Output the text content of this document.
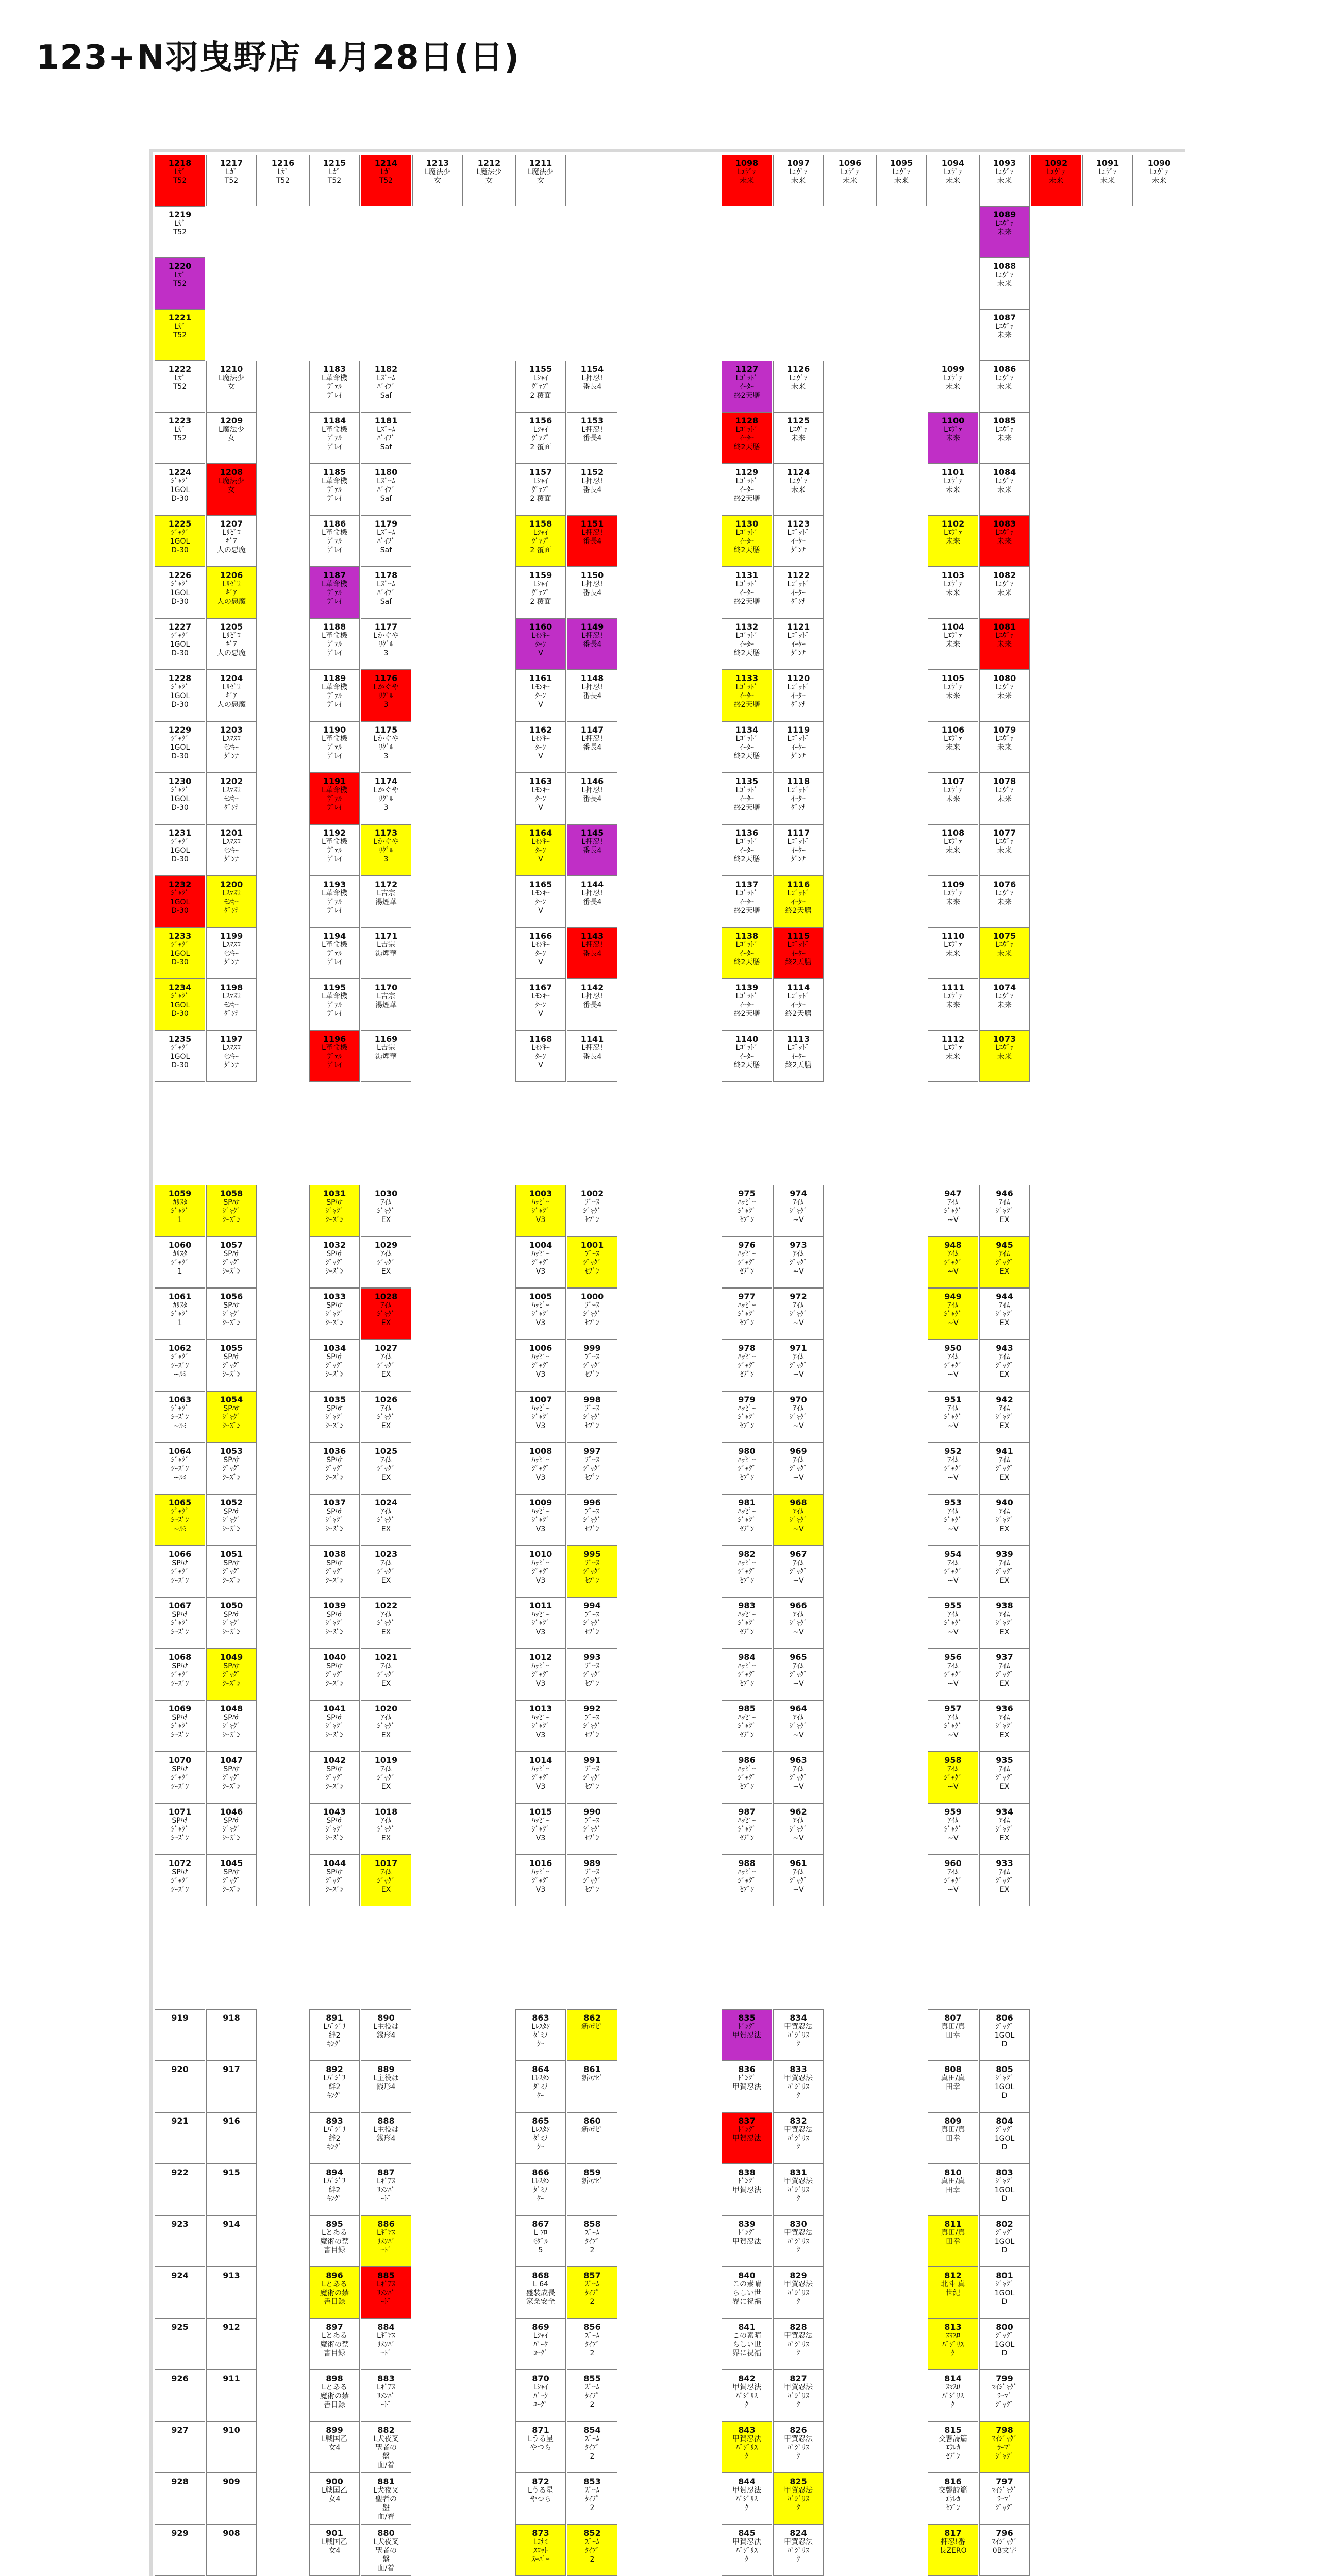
123+N羽曳野店 4月28日(日)
1218
Lｶﾞ
T52
1217
Lｶﾞ
T52
1216
Lｶﾞ
T52
1215
Lｶﾞ
T52
1214
Lｶﾞ
T52
1213
L魔法少
女
1212
L魔法少
女
1211
L魔法少
女
1098
Lｴｳﾞｧ
未来
1097
Lｴｳﾞｧ
未来
1096
Lｴｳﾞｧ
未来
1095
Lｴｳﾞｧ
未来
1094
Lｴｳﾞｧ
未来
1093
Lｴｳﾞｧ
未来
1092
Lｴｳﾞｧ
未来
1091
Lｴｳﾞｧ
未来
1090
Lｴｳﾞｧ
未来
1219
Lｶﾞ
T52
1220
Lｶﾞ
T52
1221
Lｶﾞ
T52
1222
Lｶﾞ
T52
1223
Lｶﾞ
T52
1224
ｼﾞｬｸﾞ
1GOL
D-30
1225
ｼﾞｬｸﾞ
1GOL
D-30
1226
ｼﾞｬｸﾞ
1GOL
D-30
1227
ｼﾞｬｸﾞ
1GOL
D-30
1228
ｼﾞｬｸﾞ
1GOL
D-30
1229
ｼﾞｬｸﾞ
1GOL
D-30
1230
ｼﾞｬｸﾞ
1GOL
D-30
1231
ｼﾞｬｸﾞ
1GOL
D-30
1232
ｼﾞｬｸﾞ
1GOL
D-30
1233
ｼﾞｬｸﾞ
1GOL
D-30
1234
ｼﾞｬｸﾞ
1GOL
D-30
1235
ｼﾞｬｸﾞ
1GOL
D-30
1210
L魔法少
女
1209
L魔法少
女
1208
L魔法少
女
1207
Lﾘｾﾞﾛ
ｷﾞｱ
人の悪魔
1206
Lﾘｾﾞﾛ
ｷﾞｱ
人の悪魔
1205
Lﾘｾﾞﾛ
ｷﾞｱ
人の悪魔
1204
Lﾘｾﾞﾛ
ｷﾞｱ
人の悪魔
1203
Lｽﾏｽﾛ
ﾓﾝｷｰ
ﾀﾞﾝﾅ
1202
Lｽﾏｽﾛ
ﾓﾝｷｰ
ﾀﾞﾝﾅ
1201
Lｽﾏｽﾛ
ﾓﾝｷｰ
ﾀﾞﾝﾅ
1200
Lｽﾏｽﾛ
ﾓﾝｷｰ
ﾀﾞﾝﾅ
1199
Lｽﾏｽﾛ
ﾓﾝｷｰ
ﾀﾞﾝﾅ
1198
Lｽﾏｽﾛ
ﾓﾝｷｰ
ﾀﾞﾝﾅ
1197
Lｽﾏｽﾛ
ﾓﾝｷｰ
ﾀﾞﾝﾅ
1183
L革命機
ｳﾞｧﾙ
ｳﾞﾚｲ
1184
L革命機
ｳﾞｧﾙ
ｳﾞﾚｲ
1185
L革命機
ｳﾞｧﾙ
ｳﾞﾚｲ
1186
L革命機
ｳﾞｧﾙ
ｳﾞﾚｲ
1187
L革命機
ｳﾞｧﾙ
ｳﾞﾚｲ
1188
L革命機
ｳﾞｧﾙ
ｳﾞﾚｲ
1189
L革命機
ｳﾞｧﾙ
ｳﾞﾚｲ
1190
L革命機
ｳﾞｧﾙ
ｳﾞﾚｲ
1191
L革命機
ｳﾞｧﾙ
ｳﾞﾚｲ
1192
L革命機
ｳﾞｧﾙ
ｳﾞﾚｲ
1193
L革命機
ｳﾞｧﾙ
ｳﾞﾚｲ
1194
L革命機
ｳﾞｧﾙ
ｳﾞﾚｲ
1195
L革命機
ｳﾞｧﾙ
ｳﾞﾚｲ
1196
L革命機
ｳﾞｧﾙ
ｳﾞﾚｲ
1182
Lｽﾞｰﾑ
ﾊﾞｲﾌﾞ
Saf
1181
Lｽﾞｰﾑ
ﾊﾞｲﾌﾞ
Saf
1180
Lｽﾞｰﾑ
ﾊﾞｲﾌﾞ
Saf
1179
Lｽﾞｰﾑ
ﾊﾞｲﾌﾞ
Saf
1178
Lｽﾞｰﾑ
ﾊﾞｲﾌﾞ
Saf
1177
Lかぐや
ﾘｸﾞﾙ
3
1176
Lかぐや
ﾘｸﾞﾙ
3
1175
Lかぐや
ﾘｸﾞﾙ
3
1174
Lかぐや
ﾘｸﾞﾙ
3
1173
Lかぐや
ﾘｸﾞﾙ
3
1172
L吉宗
湯煙華
1171
L吉宗
湯煙華
1170
L吉宗
湯煙華
1169
L吉宗
湯煙華
1155
Lｼｬｲ
ｳﾞｧﾌﾟ
2 覆面
1156
Lｼｬｲ
ｳﾞｧﾌﾟ
2 覆面
1157
Lｼｬｲ
ｳﾞｧﾌﾟ
2 覆面
1158
Lｼｬｲ
ｳﾞｧﾌﾟ
2 覆面
1159
Lｼｬｲ
ｳﾞｧﾌﾟ
2 覆面
1160
Lﾓﾝｷｰ
ﾀｰﾝ
V
1161
Lﾓﾝｷｰ
ﾀｰﾝ
V
1162
Lﾓﾝｷｰ
ﾀｰﾝ
V
1163
Lﾓﾝｷｰ
ﾀｰﾝ
V
1164
Lﾓﾝｷｰ
ﾀｰﾝ
V
1165
Lﾓﾝｷｰ
ﾀｰﾝ
V
1166
Lﾓﾝｷｰ
ﾀｰﾝ
V
1167
Lﾓﾝｷｰ
ﾀｰﾝ
V
1168
Lﾓﾝｷｰ
ﾀｰﾝ
V
1154
L押忍!
番長4
1153
L押忍!
番長4
1152
L押忍!
番長4
1151
L押忍!
番長4
1150
L押忍!
番長4
1149
L押忍!
番長4
1148
L押忍!
番長4
1147
L押忍!
番長4
1146
L押忍!
番長4
1145
L押忍!
番長4
1144
L押忍!
番長4
1143
L押忍!
番長4
1142
L押忍!
番長4
1141
L押忍!
番長4
1127
Lｺﾞｯﾄﾞ
ｲｰﾀｰ
終2天膳
1128
Lｺﾞｯﾄﾞ
ｲｰﾀｰ
終2天膳
1129
Lｺﾞｯﾄﾞ
ｲｰﾀｰ
終2天膳
1130
Lｺﾞｯﾄﾞ
ｲｰﾀｰ
終2天膳
1131
Lｺﾞｯﾄﾞ
ｲｰﾀｰ
終2天膳
1132
Lｺﾞｯﾄﾞ
ｲｰﾀｰ
終2天膳
1133
Lｺﾞｯﾄﾞ
ｲｰﾀｰ
終2天膳
1134
Lｺﾞｯﾄﾞ
ｲｰﾀｰ
終2天膳
1135
Lｺﾞｯﾄﾞ
ｲｰﾀｰ
終2天膳
1136
Lｺﾞｯﾄﾞ
ｲｰﾀｰ
終2天膳
1137
Lｺﾞｯﾄﾞ
ｲｰﾀｰ
終2天膳
1138
Lｺﾞｯﾄﾞ
ｲｰﾀｰ
終2天膳
1139
Lｺﾞｯﾄﾞ
ｲｰﾀｰ
終2天膳
1140
Lｺﾞｯﾄﾞ
ｲｰﾀｰ
終2天膳
1126
Lｴｳﾞｧ
未来
1125
Lｴｳﾞｧ
未来
1124
Lｴｳﾞｧ
未来
1123
Lｺﾞｯﾄﾞ
ｲｰﾀｰ
ﾀﾞﾝﾅ
1122
Lｺﾞｯﾄﾞ
ｲｰﾀｰ
ﾀﾞﾝﾅ
1121
Lｺﾞｯﾄﾞ
ｲｰﾀｰ
ﾀﾞﾝﾅ
1120
Lｺﾞｯﾄﾞ
ｲｰﾀｰ
ﾀﾞﾝﾅ
1119
Lｺﾞｯﾄﾞ
ｲｰﾀｰ
ﾀﾞﾝﾅ
1118
Lｺﾞｯﾄﾞ
ｲｰﾀｰ
ﾀﾞﾝﾅ
1117
Lｺﾞｯﾄﾞ
ｲｰﾀｰ
ﾀﾞﾝﾅ
1116
Lｺﾞｯﾄﾞ
ｲｰﾀｰ
終2天膳
1115
Lｺﾞｯﾄﾞ
ｲｰﾀｰ
終2天膳
1114
Lｺﾞｯﾄﾞ
ｲｰﾀｰ
終2天膳
1113
Lｺﾞｯﾄﾞ
ｲｰﾀｰ
終2天膳
1099
Lｴｳﾞｧ
未来
1100
Lｴｳﾞｧ
未来
1101
Lｴｳﾞｧ
未来
1102
Lｴｳﾞｧ
未来
1103
Lｴｳﾞｧ
未来
1104
Lｴｳﾞｧ
未来
1105
Lｴｳﾞｧ
未来
1106
Lｴｳﾞｧ
未来
1107
Lｴｳﾞｧ
未来
1108
Lｴｳﾞｧ
未来
1109
Lｴｳﾞｧ
未来
1110
Lｴｳﾞｧ
未来
1111
Lｴｳﾞｧ
未来
1112
Lｴｳﾞｧ
未来
1089
Lｴｳﾞｧ
未来
1088
Lｴｳﾞｧ
未来
1087
Lｴｳﾞｧ
未来
1086
Lｴｳﾞｧ
未来
1085
Lｴｳﾞｧ
未来
1084
Lｴｳﾞｧ
未来
1083
Lｴｳﾞｧ
未来
1082
Lｴｳﾞｧ
未来
1081
Lｴｳﾞｧ
未来
1080
Lｴｳﾞｧ
未来
1079
Lｴｳﾞｧ
未来
1078
Lｴｳﾞｧ
未来
1077
Lｴｳﾞｧ
未来
1076
Lｴｳﾞｧ
未来
1075
Lｴｳﾞｧ
未来
1074
Lｴｳﾞｧ
未来
1073
Lｴｳﾞｧ
未来
1059
ｶﾘｽﾀ
ｼﾞｬｸﾞ
1
1060
ｶﾘｽﾀ
ｼﾞｬｸﾞ
1
1061
ｶﾘｽﾀ
ｼﾞｬｸﾞ
1
1062
ｼﾞｬｸﾞ
ｼｰｽﾞﾝ
~ﾙﾐ
1063
ｼﾞｬｸﾞ
ｼｰｽﾞﾝ
~ﾙﾐ
1064
ｼﾞｬｸﾞ
ｼｰｽﾞﾝ
~ﾙﾐ
1065
ｼﾞｬｸﾞ
ｼｰｽﾞﾝ
~ﾙﾐ
1066
SPﾊﾅ
ｼﾞｬｸﾞ
ｼｰｽﾞﾝ
1067
SPﾊﾅ
ｼﾞｬｸﾞ
ｼｰｽﾞﾝ
1068
SPﾊﾅ
ｼﾞｬｸﾞ
ｼｰｽﾞﾝ
1069
SPﾊﾅ
ｼﾞｬｸﾞ
ｼｰｽﾞﾝ
1070
SPﾊﾅ
ｼﾞｬｸﾞ
ｼｰｽﾞﾝ
1071
SPﾊﾅ
ｼﾞｬｸﾞ
ｼｰｽﾞﾝ
1072
SPﾊﾅ
ｼﾞｬｸﾞ
ｼｰｽﾞﾝ
1058
SPﾊﾅ
ｼﾞｬｸﾞ
ｼｰｽﾞﾝ
1057
SPﾊﾅ
ｼﾞｬｸﾞ
ｼｰｽﾞﾝ
1056
SPﾊﾅ
ｼﾞｬｸﾞ
ｼｰｽﾞﾝ
1055
SPﾊﾅ
ｼﾞｬｸﾞ
ｼｰｽﾞﾝ
1054
SPﾊﾅ
ｼﾞｬｸﾞ
ｼｰｽﾞﾝ
1053
SPﾊﾅ
ｼﾞｬｸﾞ
ｼｰｽﾞﾝ
1052
SPﾊﾅ
ｼﾞｬｸﾞ
ｼｰｽﾞﾝ
1051
SPﾊﾅ
ｼﾞｬｸﾞ
ｼｰｽﾞﾝ
1050
SPﾊﾅ
ｼﾞｬｸﾞ
ｼｰｽﾞﾝ
1049
SPﾊﾅ
ｼﾞｬｸﾞ
ｼｰｽﾞﾝ
1048
SPﾊﾅ
ｼﾞｬｸﾞ
ｼｰｽﾞﾝ
1047
SPﾊﾅ
ｼﾞｬｸﾞ
ｼｰｽﾞﾝ
1046
SPﾊﾅ
ｼﾞｬｸﾞ
ｼｰｽﾞﾝ
1045
SPﾊﾅ
ｼﾞｬｸﾞ
ｼｰｽﾞﾝ
1031
SPﾊﾅ
ｼﾞｬｸﾞ
ｼｰｽﾞﾝ
1032
SPﾊﾅ
ｼﾞｬｸﾞ
ｼｰｽﾞﾝ
1033
SPﾊﾅ
ｼﾞｬｸﾞ
ｼｰｽﾞﾝ
1034
SPﾊﾅ
ｼﾞｬｸﾞ
ｼｰｽﾞﾝ
1035
SPﾊﾅ
ｼﾞｬｸﾞ
ｼｰｽﾞﾝ
1036
SPﾊﾅ
ｼﾞｬｸﾞ
ｼｰｽﾞﾝ
1037
SPﾊﾅ
ｼﾞｬｸﾞ
ｼｰｽﾞﾝ
1038
SPﾊﾅ
ｼﾞｬｸﾞ
ｼｰｽﾞﾝ
1039
SPﾊﾅ
ｼﾞｬｸﾞ
ｼｰｽﾞﾝ
1040
SPﾊﾅ
ｼﾞｬｸﾞ
ｼｰｽﾞﾝ
1041
SPﾊﾅ
ｼﾞｬｸﾞ
ｼｰｽﾞﾝ
1042
SPﾊﾅ
ｼﾞｬｸﾞ
ｼｰｽﾞﾝ
1043
SPﾊﾅ
ｼﾞｬｸﾞ
ｼｰｽﾞﾝ
1044
SPﾊﾅ
ｼﾞｬｸﾞ
ｼｰｽﾞﾝ
1030
ｱｲﾑ
ｼﾞｬｸﾞ
EX
1029
ｱｲﾑ
ｼﾞｬｸﾞ
EX
1028
ｱｲﾑ
ｼﾞｬｸﾞ
EX
1027
ｱｲﾑ
ｼﾞｬｸﾞ
EX
1026
ｱｲﾑ
ｼﾞｬｸﾞ
EX
1025
ｱｲﾑ
ｼﾞｬｸﾞ
EX
1024
ｱｲﾑ
ｼﾞｬｸﾞ
EX
1023
ｱｲﾑ
ｼﾞｬｸﾞ
EX
1022
ｱｲﾑ
ｼﾞｬｸﾞ
EX
1021
ｱｲﾑ
ｼﾞｬｸﾞ
EX
1020
ｱｲﾑ
ｼﾞｬｸﾞ
EX
1019
ｱｲﾑ
ｼﾞｬｸﾞ
EX
1018
ｱｲﾑ
ｼﾞｬｸﾞ
EX
1017
ｱｲﾑ
ｼﾞｬｸﾞ
EX
1003
ﾊｯﾋﾟｰ
ｼﾞｬｸﾞ
V3
1004
ﾊｯﾋﾟｰ
ｼﾞｬｸﾞ
V3
1005
ﾊｯﾋﾟｰ
ｼﾞｬｸﾞ
V3
1006
ﾊｯﾋﾟｰ
ｼﾞｬｸﾞ
V3
1007
ﾊｯﾋﾟｰ
ｼﾞｬｸﾞ
V3
1008
ﾊｯﾋﾟｰ
ｼﾞｬｸﾞ
V3
1009
ﾊｯﾋﾟｰ
ｼﾞｬｸﾞ
V3
1010
ﾊｯﾋﾟｰ
ｼﾞｬｸﾞ
V3
1011
ﾊｯﾋﾟｰ
ｼﾞｬｸﾞ
V3
1012
ﾊｯﾋﾟｰ
ｼﾞｬｸﾞ
V3
1013
ﾊｯﾋﾟｰ
ｼﾞｬｸﾞ
V3
1014
ﾊｯﾋﾟｰ
ｼﾞｬｸﾞ
V3
1015
ﾊｯﾋﾟｰ
ｼﾞｬｸﾞ
V3
1016
ﾊｯﾋﾟｰ
ｼﾞｬｸﾞ
V3
1002
ﾌﾞｰｽ
ｼﾞｬｸﾞ
ｾﾌﾞﾝ
1001
ﾌﾞｰｽ
ｼﾞｬｸﾞ
ｾﾌﾞﾝ
1000
ﾌﾞｰｽ
ｼﾞｬｸﾞ
ｾﾌﾞﾝ
999
ﾌﾞｰｽ
ｼﾞｬｸﾞ
ｾﾌﾞﾝ
998
ﾌﾞｰｽ
ｼﾞｬｸﾞ
ｾﾌﾞﾝ
997
ﾌﾞｰｽ
ｼﾞｬｸﾞ
ｾﾌﾞﾝ
996
ﾌﾞｰｽ
ｼﾞｬｸﾞ
ｾﾌﾞﾝ
995
ﾌﾞｰｽ
ｼﾞｬｸﾞ
ｾﾌﾞﾝ
994
ﾌﾞｰｽ
ｼﾞｬｸﾞ
ｾﾌﾞﾝ
993
ﾌﾞｰｽ
ｼﾞｬｸﾞ
ｾﾌﾞﾝ
992
ﾌﾞｰｽ
ｼﾞｬｸﾞ
ｾﾌﾞﾝ
991
ﾌﾞｰｽ
ｼﾞｬｸﾞ
ｾﾌﾞﾝ
990
ﾌﾞｰｽ
ｼﾞｬｸﾞ
ｾﾌﾞﾝ
989
ﾌﾞｰｽ
ｼﾞｬｸﾞ
ｾﾌﾞﾝ
975
ﾊｯﾋﾟｰ
ｼﾞｬｸﾞ
ｾﾌﾞﾝ
976
ﾊｯﾋﾟｰ
ｼﾞｬｸﾞ
ｾﾌﾞﾝ
977
ﾊｯﾋﾟｰ
ｼﾞｬｸﾞ
ｾﾌﾞﾝ
978
ﾊｯﾋﾟｰ
ｼﾞｬｸﾞ
ｾﾌﾞﾝ
979
ﾊｯﾋﾟｰ
ｼﾞｬｸﾞ
ｾﾌﾞﾝ
980
ﾊｯﾋﾟｰ
ｼﾞｬｸﾞ
ｾﾌﾞﾝ
981
ﾊｯﾋﾟｰ
ｼﾞｬｸﾞ
ｾﾌﾞﾝ
982
ﾊｯﾋﾟｰ
ｼﾞｬｸﾞ
ｾﾌﾞﾝ
983
ﾊｯﾋﾟｰ
ｼﾞｬｸﾞ
ｾﾌﾞﾝ
984
ﾊｯﾋﾟｰ
ｼﾞｬｸﾞ
ｾﾌﾞﾝ
985
ﾊｯﾋﾟｰ
ｼﾞｬｸﾞ
ｾﾌﾞﾝ
986
ﾊｯﾋﾟｰ
ｼﾞｬｸﾞ
ｾﾌﾞﾝ
987
ﾊｯﾋﾟｰ
ｼﾞｬｸﾞ
ｾﾌﾞﾝ
988
ﾊｯﾋﾟｰ
ｼﾞｬｸﾞ
ｾﾌﾞﾝ
974
ｱｲﾑ
ｼﾞｬｸﾞ
~V
973
ｱｲﾑ
ｼﾞｬｸﾞ
~V
972
ｱｲﾑ
ｼﾞｬｸﾞ
~V
971
ｱｲﾑ
ｼﾞｬｸﾞ
~V
970
ｱｲﾑ
ｼﾞｬｸﾞ
~V
969
ｱｲﾑ
ｼﾞｬｸﾞ
~V
968
ｱｲﾑ
ｼﾞｬｸﾞ
~V
967
ｱｲﾑ
ｼﾞｬｸﾞ
~V
966
ｱｲﾑ
ｼﾞｬｸﾞ
~V
965
ｱｲﾑ
ｼﾞｬｸﾞ
~V
964
ｱｲﾑ
ｼﾞｬｸﾞ
~V
963
ｱｲﾑ
ｼﾞｬｸﾞ
~V
962
ｱｲﾑ
ｼﾞｬｸﾞ
~V
961
ｱｲﾑ
ｼﾞｬｸﾞ
~V
947
ｱｲﾑ
ｼﾞｬｸﾞ
~V
948
ｱｲﾑ
ｼﾞｬｸﾞ
~V
949
ｱｲﾑ
ｼﾞｬｸﾞ
~V
950
ｱｲﾑ
ｼﾞｬｸﾞ
~V
951
ｱｲﾑ
ｼﾞｬｸﾞ
~V
952
ｱｲﾑ
ｼﾞｬｸﾞ
~V
953
ｱｲﾑ
ｼﾞｬｸﾞ
~V
954
ｱｲﾑ
ｼﾞｬｸﾞ
~V
955
ｱｲﾑ
ｼﾞｬｸﾞ
~V
956
ｱｲﾑ
ｼﾞｬｸﾞ
~V
957
ｱｲﾑ
ｼﾞｬｸﾞ
~V
958
ｱｲﾑ
ｼﾞｬｸﾞ
~V
959
ｱｲﾑ
ｼﾞｬｸﾞ
~V
960
ｱｲﾑ
ｼﾞｬｸﾞ
~V
946
ｱｲﾑ
ｼﾞｬｸﾞ
EX
945
ｱｲﾑ
ｼﾞｬｸﾞ
EX
944
ｱｲﾑ
ｼﾞｬｸﾞ
EX
943
ｱｲﾑ
ｼﾞｬｸﾞ
EX
942
ｱｲﾑ
ｼﾞｬｸﾞ
EX
941
ｱｲﾑ
ｼﾞｬｸﾞ
EX
940
ｱｲﾑ
ｼﾞｬｸﾞ
EX
939
ｱｲﾑ
ｼﾞｬｸﾞ
EX
938
ｱｲﾑ
ｼﾞｬｸﾞ
EX
937
ｱｲﾑ
ｼﾞｬｸﾞ
EX
936
ｱｲﾑ
ｼﾞｬｸﾞ
EX
935
ｱｲﾑ
ｼﾞｬｸﾞ
EX
934
ｱｲﾑ
ｼﾞｬｸﾞ
EX
933
ｱｲﾑ
ｼﾞｬｸﾞ
EX
919
920
921
922
923
924
925
926
927
928
929
918
917
916
915
914
913
912
911
910
909
908
891
Lﾊﾞｼﾞﾘ
絆2
ｷﾝｸﾞ
892
Lﾊﾞｼﾞﾘ
絆2
ｷﾝｸﾞ
893
Lﾊﾞｼﾞﾘ
絆2
ｷﾝｸﾞ
894
Lﾊﾞｼﾞﾘ
絆2
ｷﾝｸﾞ
895
Lとある
魔術の禁
書目録
896
Lとある
魔術の禁
書目録
897
Lとある
魔術の禁
書目録
898
Lとある
魔術の禁
書目録
899
L戦国乙
女4
900
L戦国乙
女4
901
L戦国乙
女4
890
L主役は
銭形4
889
L主役は
銭形4
888
L主役は
銭形4
887
Lｷﾞｱｽ
ﾘﾒﾝﾊﾞ
ｰﾄﾞ
886
Lｷﾞｱｽ
ﾘﾒﾝﾊﾞ
ｰﾄﾞ
885
Lｷﾞｱｽ
ﾘﾒﾝﾊﾞ
ｰﾄﾞ
884
Lｷﾞｱｽ
ﾘﾒﾝﾊﾞ
ｰﾄﾞ
883
Lｷﾞｱｽ
ﾘﾒﾝﾊﾞ
ｰﾄﾞ
882
L犬夜叉
聖者の
盤
血/着
881
L犬夜叉
聖者の
盤
血/着
880
L犬夜叉
聖者の
盤
血/着
863
Lﾚｽﾀﾝ
ﾀﾞﾐﾉ
ｸｰ
864
Lﾚｽﾀﾝ
ﾀﾞﾐﾉ
ｸｰ
865
Lﾚｽﾀﾝ
ﾀﾞﾐﾉ
ｸｰ
866
Lﾚｽﾀﾝ
ﾀﾞﾐﾉ
ｸｰ
867
L ﾌﾛ
ﾓﾀﾞﾙ
5
868
L 64
盛装成長
家業安全
869
Lｼｬｲ
ﾊﾞｰｸ
ｺｰｸﾞ
870
Lｼｬｲ
ﾊﾞｰｸ
ｺｰｸﾞ
871
Lうる星
やつら
872
Lうる星
やつら
873
Lｺﾅﾐ
ｽﾛｯﾄ
ｽｰﾊﾟｰ
862
新ﾊﾅﾋﾞ

861
新ﾊﾅﾋﾞ

860
新ﾊﾅﾋﾞ

859
新ﾊﾅﾋﾞ

858
ｽﾞｰﾑ
ﾀｲﾌﾟ
2
857
ｽﾞｰﾑ
ﾀｲﾌﾟ
2
856
ｽﾞｰﾑ
ﾀｲﾌﾟ
2
855
ｽﾞｰﾑ
ﾀｲﾌﾟ
2
854
ｽﾞｰﾑ
ﾀｲﾌﾟ
2
853
ｽﾞｰﾑ
ﾀｲﾌﾟ
2
852
ｽﾞｰﾑ
ﾀｲﾌﾟ
2
835
ﾄﾞﾝｸﾞ
甲賀忍法
836
ﾄﾞﾝｸﾞ
甲賀忍法
837
ﾄﾞﾝｸﾞ
甲賀忍法
838
ﾄﾞﾝｸﾞ
甲賀忍法
839
ﾄﾞﾝｸﾞ
甲賀忍法
840
この素晴
らしい世
界に祝福
841
この素晴
らしい世
界に祝福
842
甲賀忍法
ﾊﾞｼﾞﾘｽ
ｸ
843
甲賀忍法
ﾊﾞｼﾞﾘｽ
ｸ
844
甲賀忍法
ﾊﾞｼﾞﾘｽ
ｸ
845
甲賀忍法
ﾊﾞｼﾞﾘｽ
ｸ
834
甲賀忍法
ﾊﾞｼﾞﾘｽ
ｸ
833
甲賀忍法
ﾊﾞｼﾞﾘｽ
ｸ
832
甲賀忍法
ﾊﾞｼﾞﾘｽ
ｸ
831
甲賀忍法
ﾊﾞｼﾞﾘｽ
ｸ
830
甲賀忍法
ﾊﾞｼﾞﾘｽ
ｸ
829
甲賀忍法
ﾊﾞｼﾞﾘｽ
ｸ
828
甲賀忍法
ﾊﾞｼﾞﾘｽ
ｸ
827
甲賀忍法
ﾊﾞｼﾞﾘｽ
ｸ
826
甲賀忍法
ﾊﾞｼﾞﾘｽ
ｸ
825
甲賀忍法
ﾊﾞｼﾞﾘｽ
ｸ
824
甲賀忍法
ﾊﾞｼﾞﾘｽ
ｸ
807
真田/真
田幸
808
真田/真
田幸
809
真田/真
田幸
810
真田/真
田幸
811
真田/真
田幸
812
北斗 真
世紀
813
ｽﾏｽﾛ
ﾊﾞｼﾞﾘｽ
ｸ
814
ｽﾏｽﾛ
ﾊﾞｼﾞﾘｽ
ｸ
815
交響詩篇
ｴｳﾚｶ
ｾﾌﾞﾝ
816
交響詩篇
ｴｳﾚｶ
ｾﾌﾞﾝ
817
押忍!番
長ZERO
806
ｼﾞｬｸﾞ
1GOL
D
805
ｼﾞｬｸﾞ
1GOL
D
804
ｼﾞｬｸﾞ
1GOL
D
803
ｼﾞｬｸﾞ
1GOL
D
802
ｼﾞｬｸﾞ
1GOL
D
801
ｼﾞｬｸﾞ
1GOL
D
800
ｼﾞｬｸﾞ
1GOL
D
799
ﾏｲｼﾞｬｸﾞ
ﾗｰﾏﾞ
ｼﾞｬｸﾞ
798
ﾏｲｼﾞｬｸﾞ
ﾗｰﾏﾞ
ｼﾞｬｸﾞ
797
ﾏｲｼﾞｬｸﾞ
ﾗｰﾏﾞ
ｼﾞｬｸﾞ
796
ﾏｲｼﾞｬｸﾞ
0B文字
